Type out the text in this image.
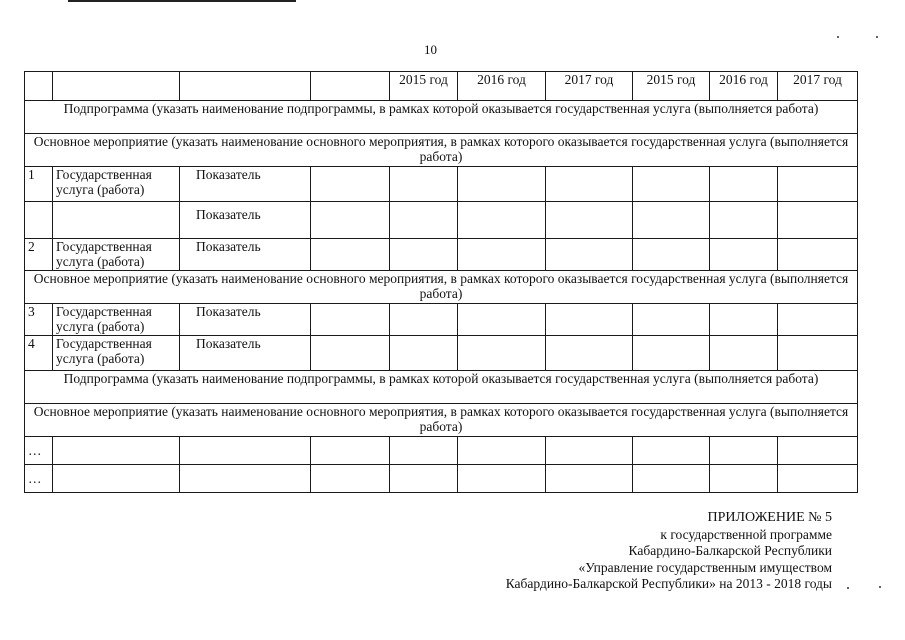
10
				2015 год	2016 год	2017 год	2015 год	2016 год	2017 год
Подпрограмма (указать наименование подпрограммы, в рамках которой оказывается государственная услуга (выполняется работа)									
Основное мероприятие (указать наименование основного мероприятия, в рамках которого оказывается государственная услуга (выполняется работа)									
1	Государственная услуга (работа)	Показатель							
		Показатель							
2	Государственная услуга (работа)	Показатель							
Основное мероприятие (указать наименование основного мероприятия, в рамках которого оказывается государственная услуга (выполняется работа)									
3	Государственная услуга (работа)	Показатель							
4	Государственная услуга (работа)	Показатель							
Подпрограмма (указать наименование подпрограммы, в рамках которой оказывается государственная услуга (выполняется работа)									
Основное мероприятие (указать наименование основного мероприятия, в рамках которого оказывается государственная услуга (выполняется работа)									
…									
…									
ПРИЛОЖЕНИЕ № 5
к государственной программе
Кабардино-Балкарской Республики
«Управление государственным имуществом
Кабардино-Балкарской Республики» на 2013 - 2018 годы
